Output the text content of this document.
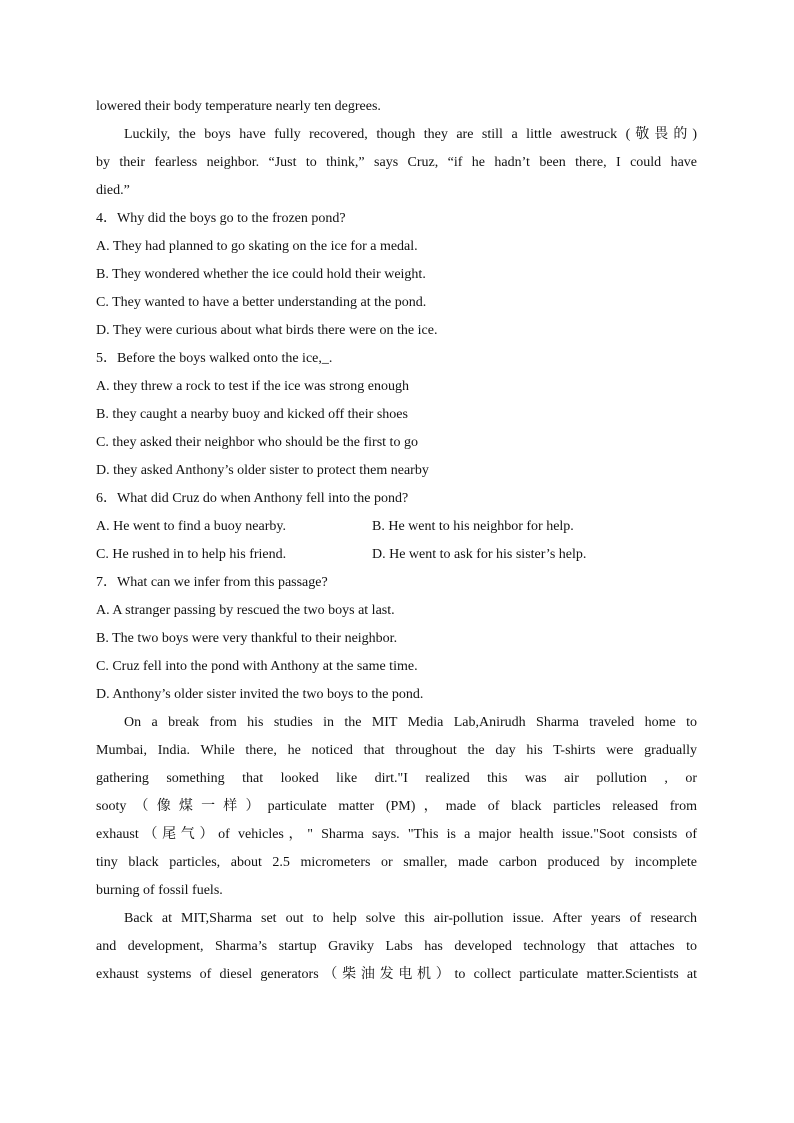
lowered their body temperature nearly ten degrees.
Luckily, the boys have fully recovered, though they are still a little awestruck (敬畏的)
by their fearless neighbor. “Just to think,” says Cruz, “if he hadn’t been there, I could have
died.”
4．Why did the boys go to the frozen pond?
A. They had planned to go skating on the ice for a medal.
B. They wondered whether the ice could hold their weight.
C. They wanted to have a better understanding at the pond.
D. They were curious about what birds there were on the ice.
5．Before the boys walked onto the ice,_.
A. they threw a rock to test if the ice was strong enough
B. they caught a nearby buoy and kicked off their shoes
C. they asked their neighbor who should be the first to go
D. they asked Anthony’s older sister to protect them nearby
6．What did Cruz do when Anthony fell into the pond?
A. He went to find a buoy nearby.	B. He went to his neighbor for help.
C. He rushed in to help his friend.	D. He went to ask for his sister’s help.
7．What can we infer from this passage?
A. A stranger passing by rescued the two boys at last.
B. The two boys were very thankful to their neighbor.
C. Cruz fell into the pond with Anthony at the same time.
D. Anthony’s older sister invited the two boys to the pond.
On a break from his studies in the MIT Media Lab,Anirudh Sharma traveled home to
Mumbai, India. While there, he noticed that throughout the day his T-shirts were gradually
gathering something that looked like dirt."I realized this was air pollution , or
sooty（像煤一样）particulate matter (PM)，made of black particles released from
exhaust（尾气）of vehicles，" Sharma says. "This is a major health issue."Soot consists of
tiny black particles, about 2.5 micrometers or smaller, made carbon produced by incomplete
burning of fossil fuels.
Back at MIT,Sharma set out to help solve this air-pollution issue. After years of research
and development, Sharma’s startup Graviky Labs has developed technology that attaches to
exhaust systems of diesel generators（柴油发电机）to collect particulate matter.Scientists at
